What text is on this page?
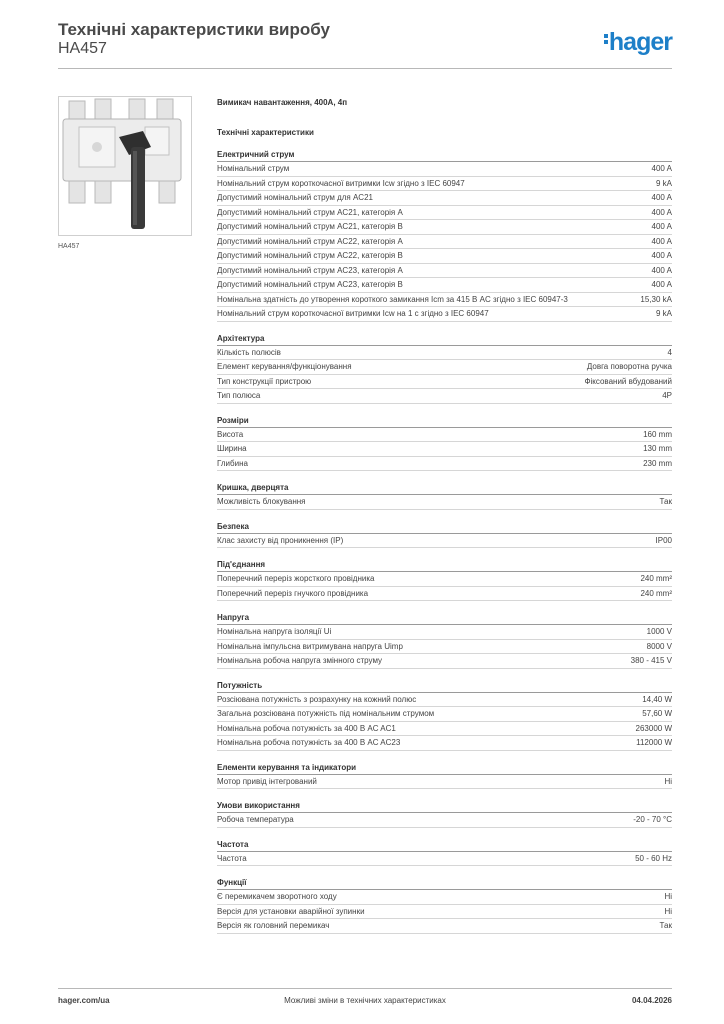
Технічні характеристики виробу
HA457	hager
HA457
Вимикач навантаження, 400A, 4п
Технічні характеристики
Електричний струм
Номінальний струм	400 A
Номінальний струм короткочасної витримки Icw згідно з IEC 60947	9 kA
Допустимий номінальний струм для AC21	400 A
Допустимий номінальний струм AC21, категорія A	400 A
Допустимий номінальний струм AC21, категорія B	400 A
Допустимий номінальний струм AC22, категорія A	400 A
Допустимий номінальний струм AC22, категорія B	400 A
Допустимий номінальний струм AC23, категорія A	400 A
Допустимий номінальний струм AC23, категорія B	400 A
Номінальна здатність до утворення короткого замикання Icm за 415 В AC згідно з IEC 60947-3	15,30 kA
Номінальний струм короткочасної витримки Icw на 1 с згідно з IEC 60947	9 kA
Архітектура
Кількість полюсів	4
Елемент керування/функціонування	Довга поворотна ручка
Тип конструкції пристрою	Фіксований вбудований
Тип полюса	4P
Розміри
Висота	160 mm
Ширина	130 mm
Глибина	230 mm
Кришка, дверцята
Можливість блокування	Так
Безпека
Клас захисту від проникнення (IP)	IP00
Під'єднання
Поперечний переріз жорсткого провідника	240 mm²
Поперечний переріз гнучкого провідника	240 mm²
Напруга
Номінальна напруга ізоляції Ui	1000 V
Номінальна імпульсна витримувана напруга Uimp	8000 V
Номінальна робоча напруга змінного струму	380 - 415 V
Потужність
Розсіювана потужність з розрахунку на кожний полюс	14,40 W
Загальна розсіювана потужність під номінальним струмом	57,60 W
Номінальна робоча потужність за 400 В AC AC1	263000 W
Номінальна робоча потужність за 400 В AC AC23	112000 W
Елементи керування та індикатори
Мотор привід інтегрований	Ні
Умови використання
Робоча температура	-20 - 70 °C
Частота
Частота	50 - 60 Hz
Функції
Є перемикачем зворотного ходу	Ні
Версія для установки аварійної зупинки	Ні
Версія як головний перемикач	Так
hager.com/ua	Можливі зміни в технічних характеристиках	04.04.2026
